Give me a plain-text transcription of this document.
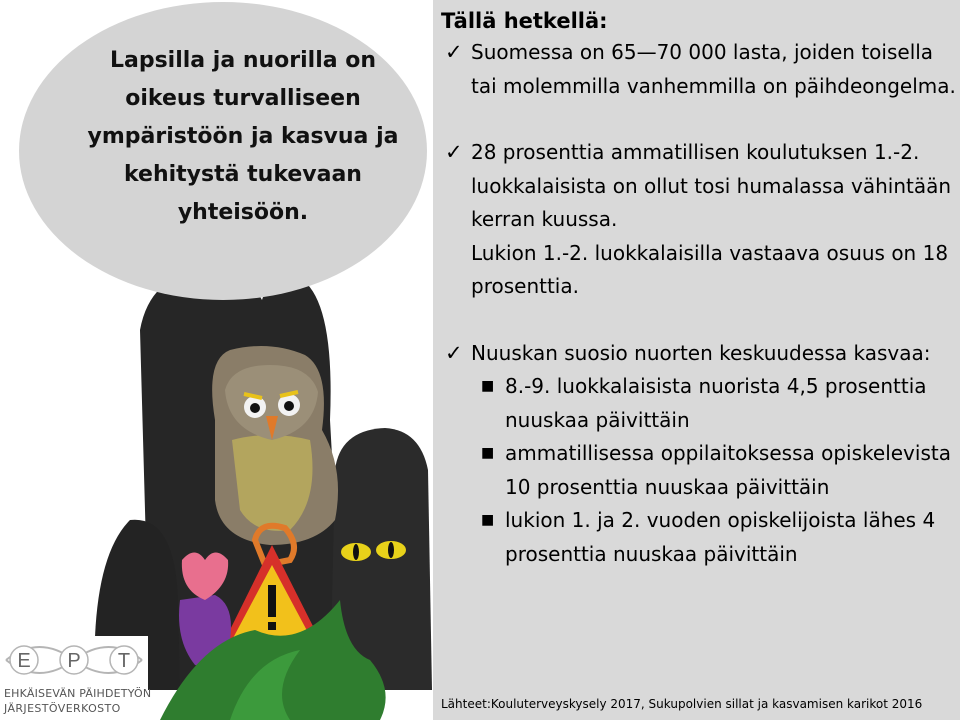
Lapsilla ja nuorilla on oikeus turvalliseen ympäristöön ja kasvua ja kehitystä tukevaan yhteisöön.
E P T
EHKÄISEVÄN PÄIHDETYÖN
JÄRJESTÖVERKOSTO
Tällä hetkellä:
✓ Suomessa on 65—70 000 lasta, joiden toisella tai molemmilla vanhemmilla on päihdeongelma.
✓ 28 prosenttia ammatillisen koulutuksen 1.-2. luokkalaisista on ollut tosi humalassa vähintään kerran kuussa.
Lukion 1.-2. luokkalaisilla vastaava osuus on 18 prosenttia.
✓ Nuuskan suosio nuorten keskuudessa kasvaa:
■ 8.-9. luokkalaisista nuorista 4,5 prosenttia nuuskaa päivittäin
■ ammatillisessa oppilaitoksessa opiskelevista 10 prosenttia nuuskaa päivittäin
■ lukion 1. ja 2. vuoden opiskelijoista lähes 4 prosenttia nuuskaa päivittäin
Lähteet:Kouluterveyskysely 2017, Sukupolvien sillat ja kasvamisen karikot 2016
